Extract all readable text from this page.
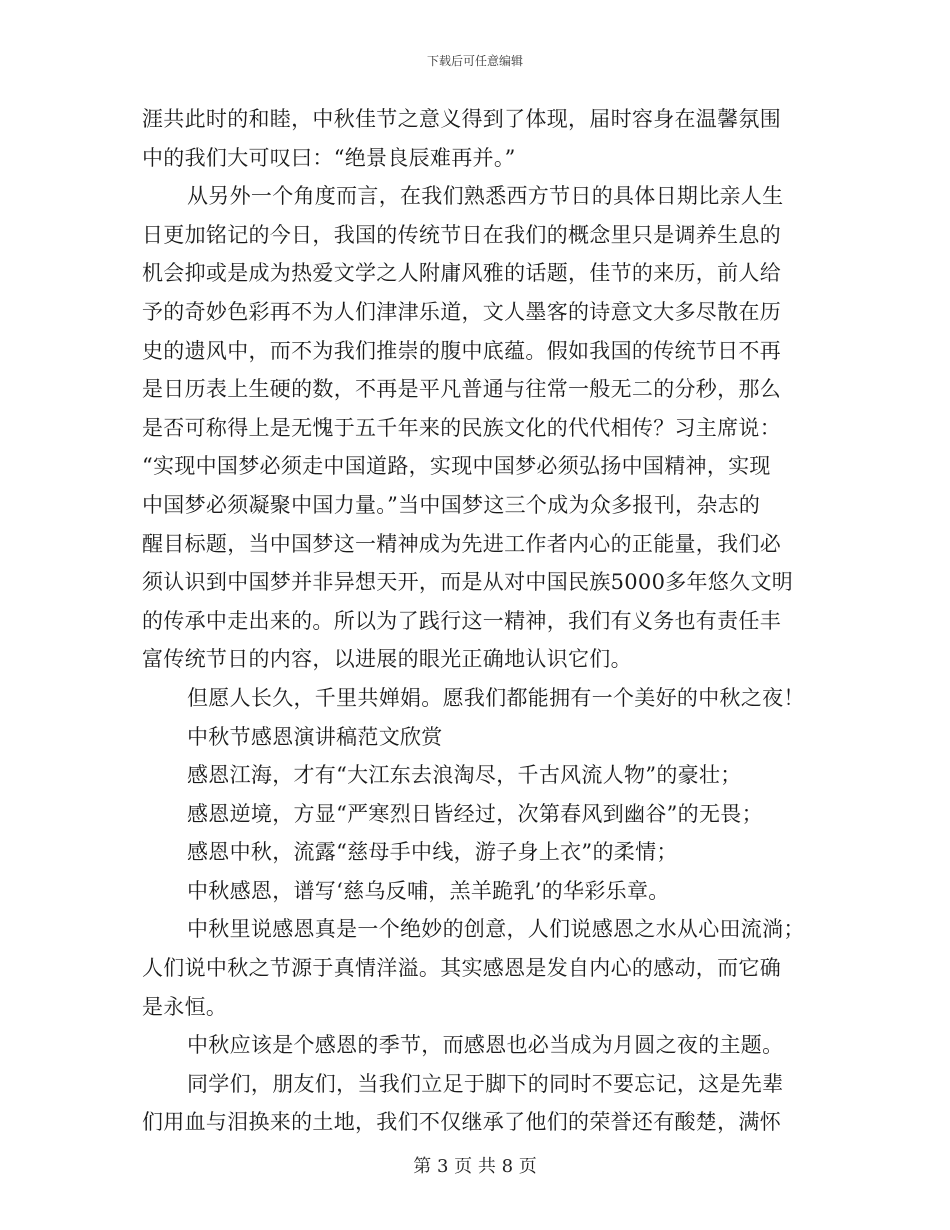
下载后可任意编辑
涯共此时的和睦，中秋佳节之意义得到了体现，届时容身在温馨氛围
中的我们大可叹曰：“绝景良辰难再并。”
从另外一个角度而言，在我们熟悉西方节日的具体日期比亲人生
日更加铭记的今日，我国的传统节日在我们的概念里只是调养生息的
机会抑或是成为热爱文学之人附庸风雅的话题，佳节的来历，前人给
予的奇妙色彩再不为人们津津乐道，文人墨客的诗意文大多尽散在历
史的遗风中，而不为我们推崇的腹中底蕴。假如我国的传统节日不再
是日历表上生硬的数，不再是平凡普通与往常一般无二的分秒，那么
是否可称得上是无愧于五千年来的民族文化的代代相传？习主席说：
“实现中国梦必须走中国道路，实现中国梦必须弘扬中国精神，实现
中国梦必须凝聚中国力量。”当中国梦这三个成为众多报刊，杂志的
醒目标题，当中国梦这一精神成为先进工作者内心的正能量，我们必
须认识到中国梦并非异想天开，而是从对中国民族5000多年悠久文明
的传承中走出来的。所以为了践行这一精神，我们有义务也有责任丰
富传统节日的内容，以进展的眼光正确地认识它们。
但愿人长久，千里共婵娟。愿我们都能拥有一个美好的中秋之夜！
中秋节感恩演讲稿范文欣赏
感恩江海，才有“大江东去浪淘尽，千古风流人物”的豪壮；
感恩逆境，方显“严寒烈日皆经过，次第春风到幽谷”的无畏；
感恩中秋，流露“慈母手中线，游子身上衣”的柔情；
中秋感恩，谱写‘慈乌反哺，羔羊跪乳’的华彩乐章。
中秋里说感恩真是一个绝妙的创意，人们说感恩之水从心田流淌；
人们说中秋之节源于真情洋溢。其实感恩是发自内心的感动，而它确
是永恒。
中秋应该是个感恩的季节，而感恩也必当成为月圆之夜的主题。
同学们，朋友们，当我们立足于脚下的同时不要忘记，这是先辈
们用血与泪换来的土地，我们不仅继承了他们的荣誉还有酸楚，满怀
第 3 页 共 8 页
